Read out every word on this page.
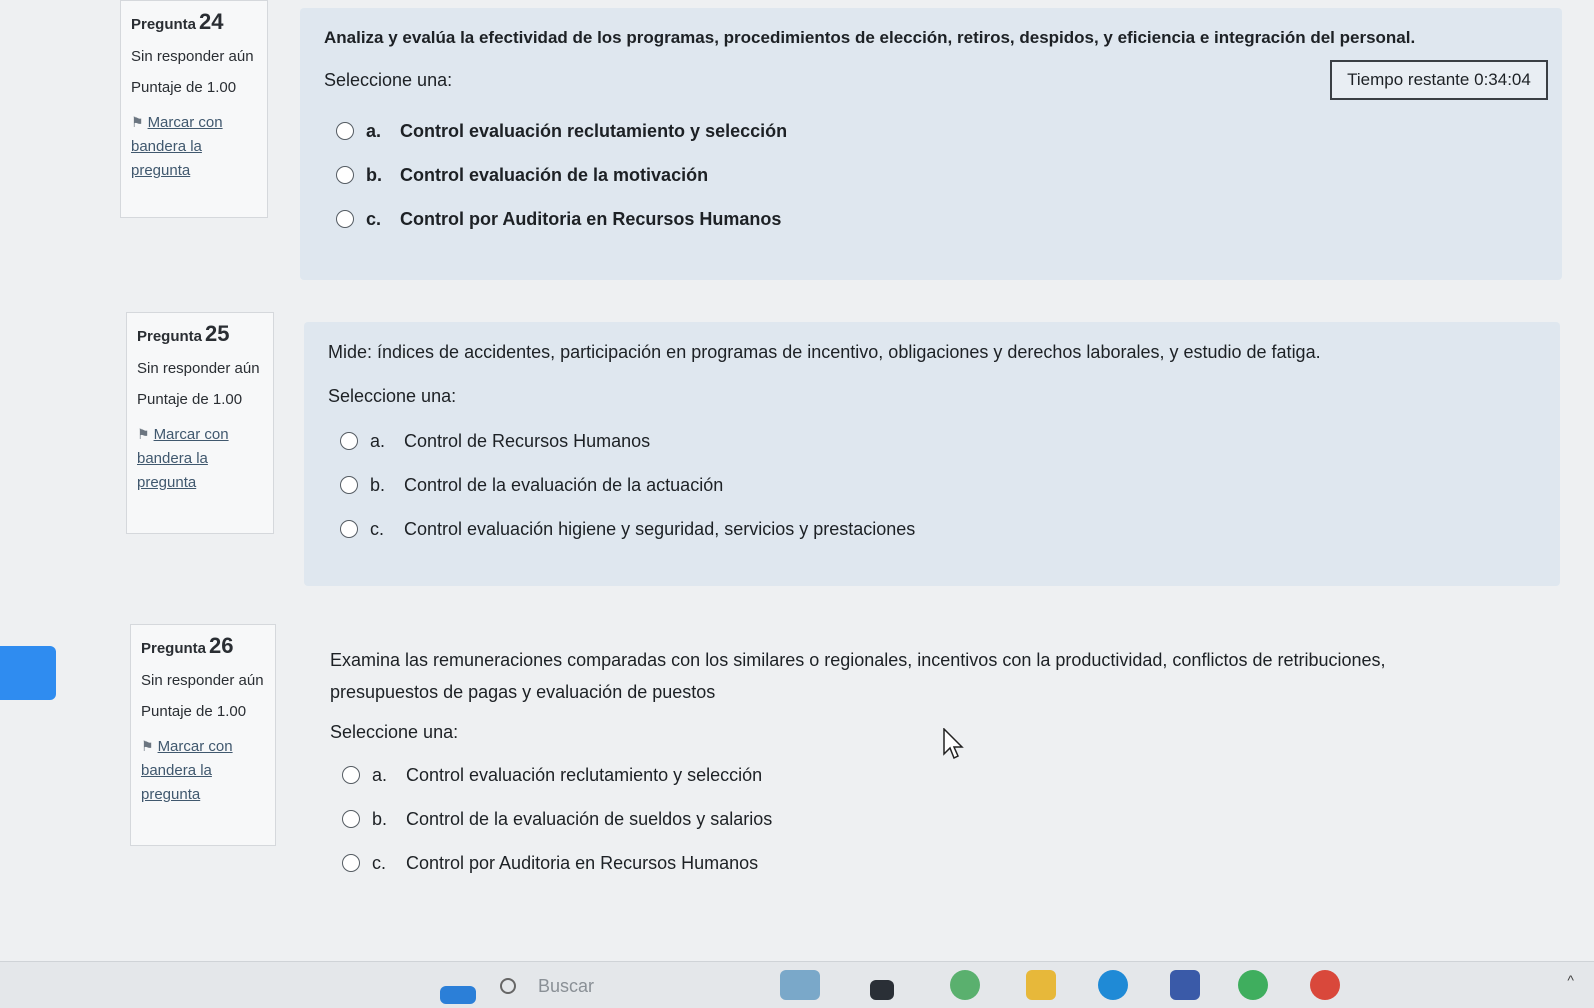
Pregunta 24
Sin responder aún
Puntaje de 1.00
⚑ Marcar con bandera la pregunta
Analiza y evalúa la efectividad de los programas, procedimientos de elección, retiros, despidos, y eficiencia e integración del personal.
Seleccione una:
a.	Control evaluación reclutamiento y selección
b.	Control evaluación de la motivación
c.	Control por Auditoria en Recursos Humanos
Tiempo restante
0:34:04
Pregunta 25
Sin responder aún
Puntaje de 1.00
⚑ Marcar con bandera la pregunta
Mide: índices de accidentes, participación en programas de incentivo, obligaciones y derechos laborales, y estudio de fatiga.
Seleccione una:
a.	Control de Recursos Humanos
b.	Control de la evaluación de la actuación
c.	Control evaluación higiene y seguridad, servicios y prestaciones
Pregunta 26
Sin responder aún
Puntaje de 1.00
⚑ Marcar con bandera la pregunta
Examina las remuneraciones comparadas con los similares o regionales, incentivos con la productividad, conflictos de retribuciones, presupuestos de pagas y evaluación de puestos
Seleccione una:
a.	Control evaluación reclutamiento y selección
b.	Control de la evaluación de sueldos y salarios
c.	Control por Auditoria en Recursos Humanos
Buscar	^
